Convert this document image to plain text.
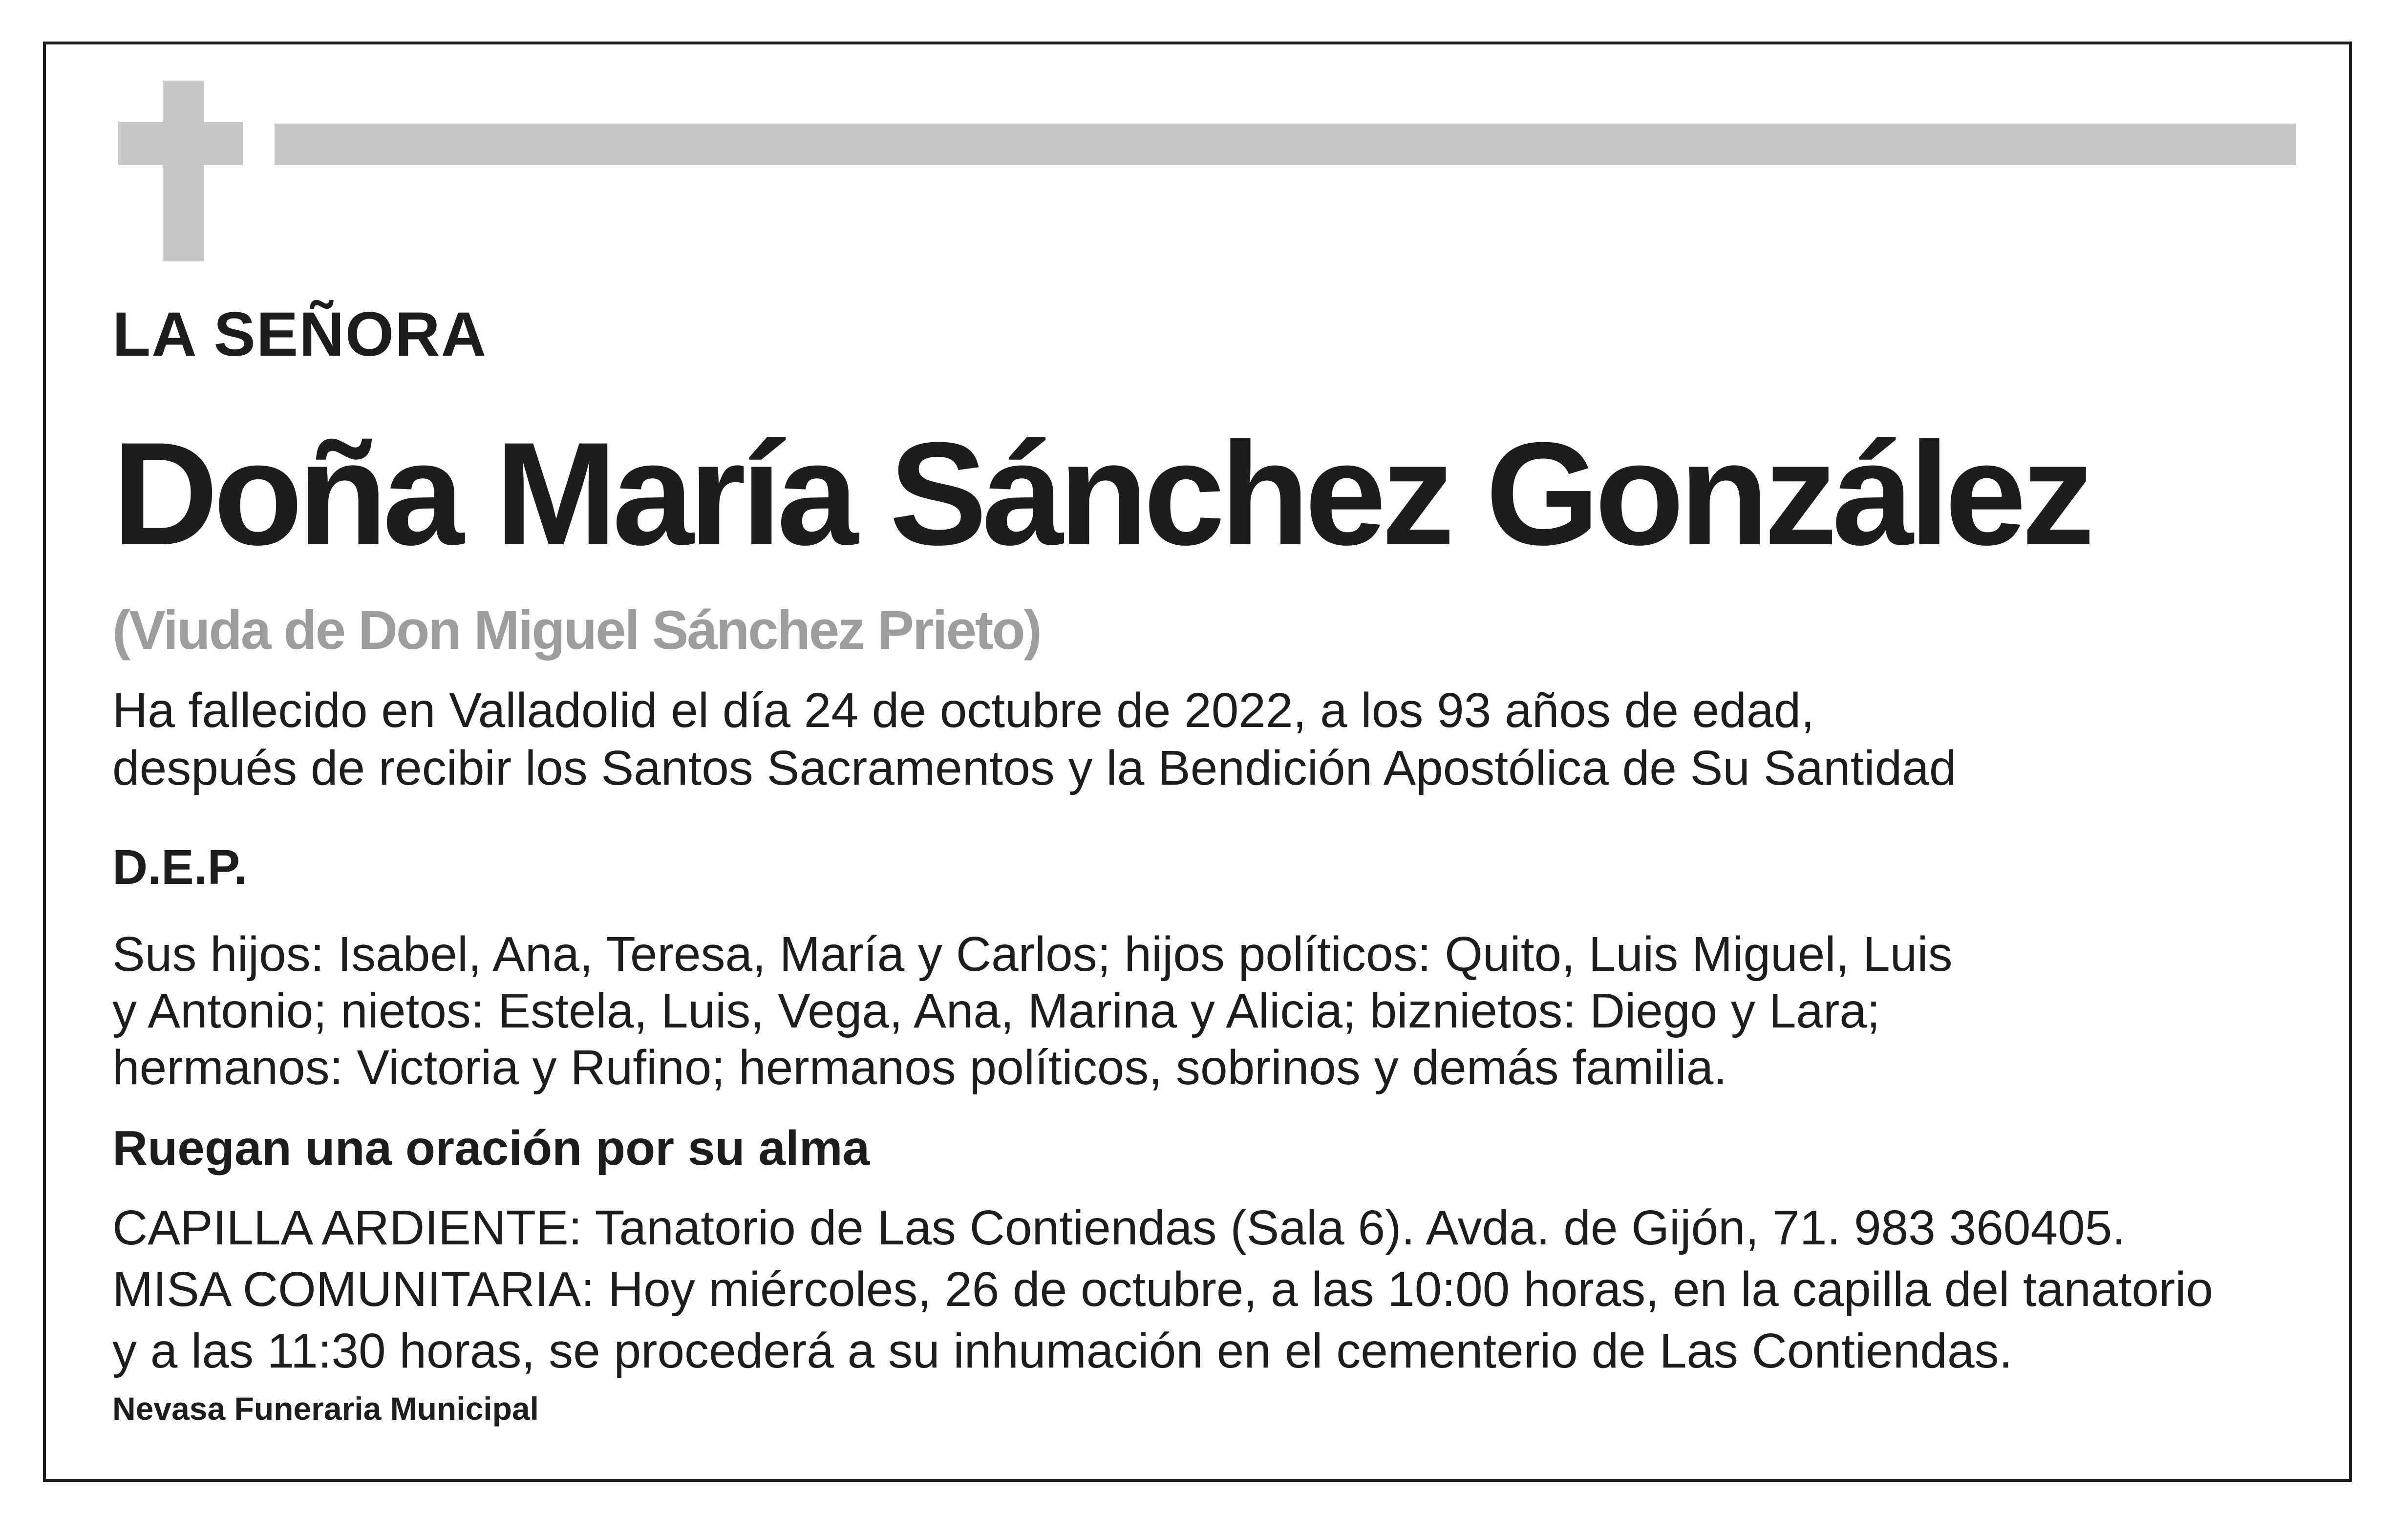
LA SEÑORA

Doña María Sánchez González

(Viuda de Don Miguel Sánchez Prieto)

Ha fallecido en Valladolid el día 24 de octubre de 2022, a los 93 años de edad,
después de recibir los Santos Sacramentos y la Bendición Apostólica de Su Santidad

D.E.P.

Sus hijos: Isabel, Ana, Teresa, María y Carlos; hijos políticos: Quito, Luis Miguel, Luis
y Antonio; nietos: Estela, Luis, Vega, Ana, Marina y Alicia; biznietos: Diego y Lara;
hermanos: Victoria y Rufino; hermanos políticos, sobrinos y demás familia.

Ruegan una oración por su alma

CAPILLA ARDIENTE: Tanatorio de Las Contiendas (Sala 6). Avda. de Gijón, 71. 983 360405.
MISA COMUNITARIA: Hoy miércoles, 26 de octubre, a las 10:00 horas, en la capilla del tanatorio
y a las 11:30 horas, se procederá a su inhumación en el cementerio de Las Contiendas.

Nevasa Funeraria Municipal
